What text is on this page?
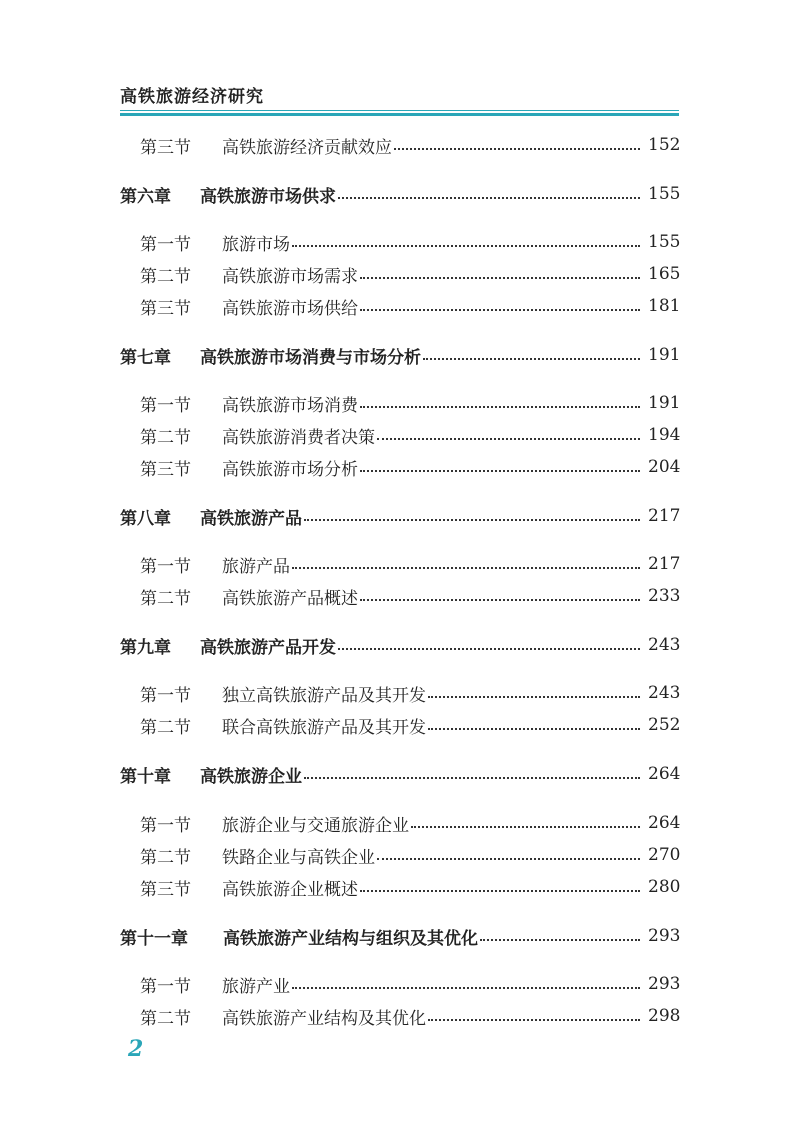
高铁旅游经济研究
第三节	高铁旅游经济贡献效应	152
第六章	高铁旅游市场供求	155
第一节	旅游市场	155
第二节	高铁旅游市场需求	165
第三节	高铁旅游市场供给	181
第七章	高铁旅游市场消费与市场分析	191
第一节	高铁旅游市场消费	191
第二节	高铁旅游消费者决策	194
第三节	高铁旅游市场分析	204
第八章	高铁旅游产品	217
第一节	旅游产品	217
第二节	高铁旅游产品概述	233
第九章	高铁旅游产品开发	243
第一节	独立高铁旅游产品及其开发	243
第二节	联合高铁旅游产品及其开发	252
第十章	高铁旅游企业	264
第一节	旅游企业与交通旅游企业	264
第二节	铁路企业与高铁企业	270
第三节	高铁旅游企业概述	280
第十一章	高铁旅游产业结构与组织及其优化	293
第一节	旅游产业	293
第二节	高铁旅游产业结构及其优化	298
2
